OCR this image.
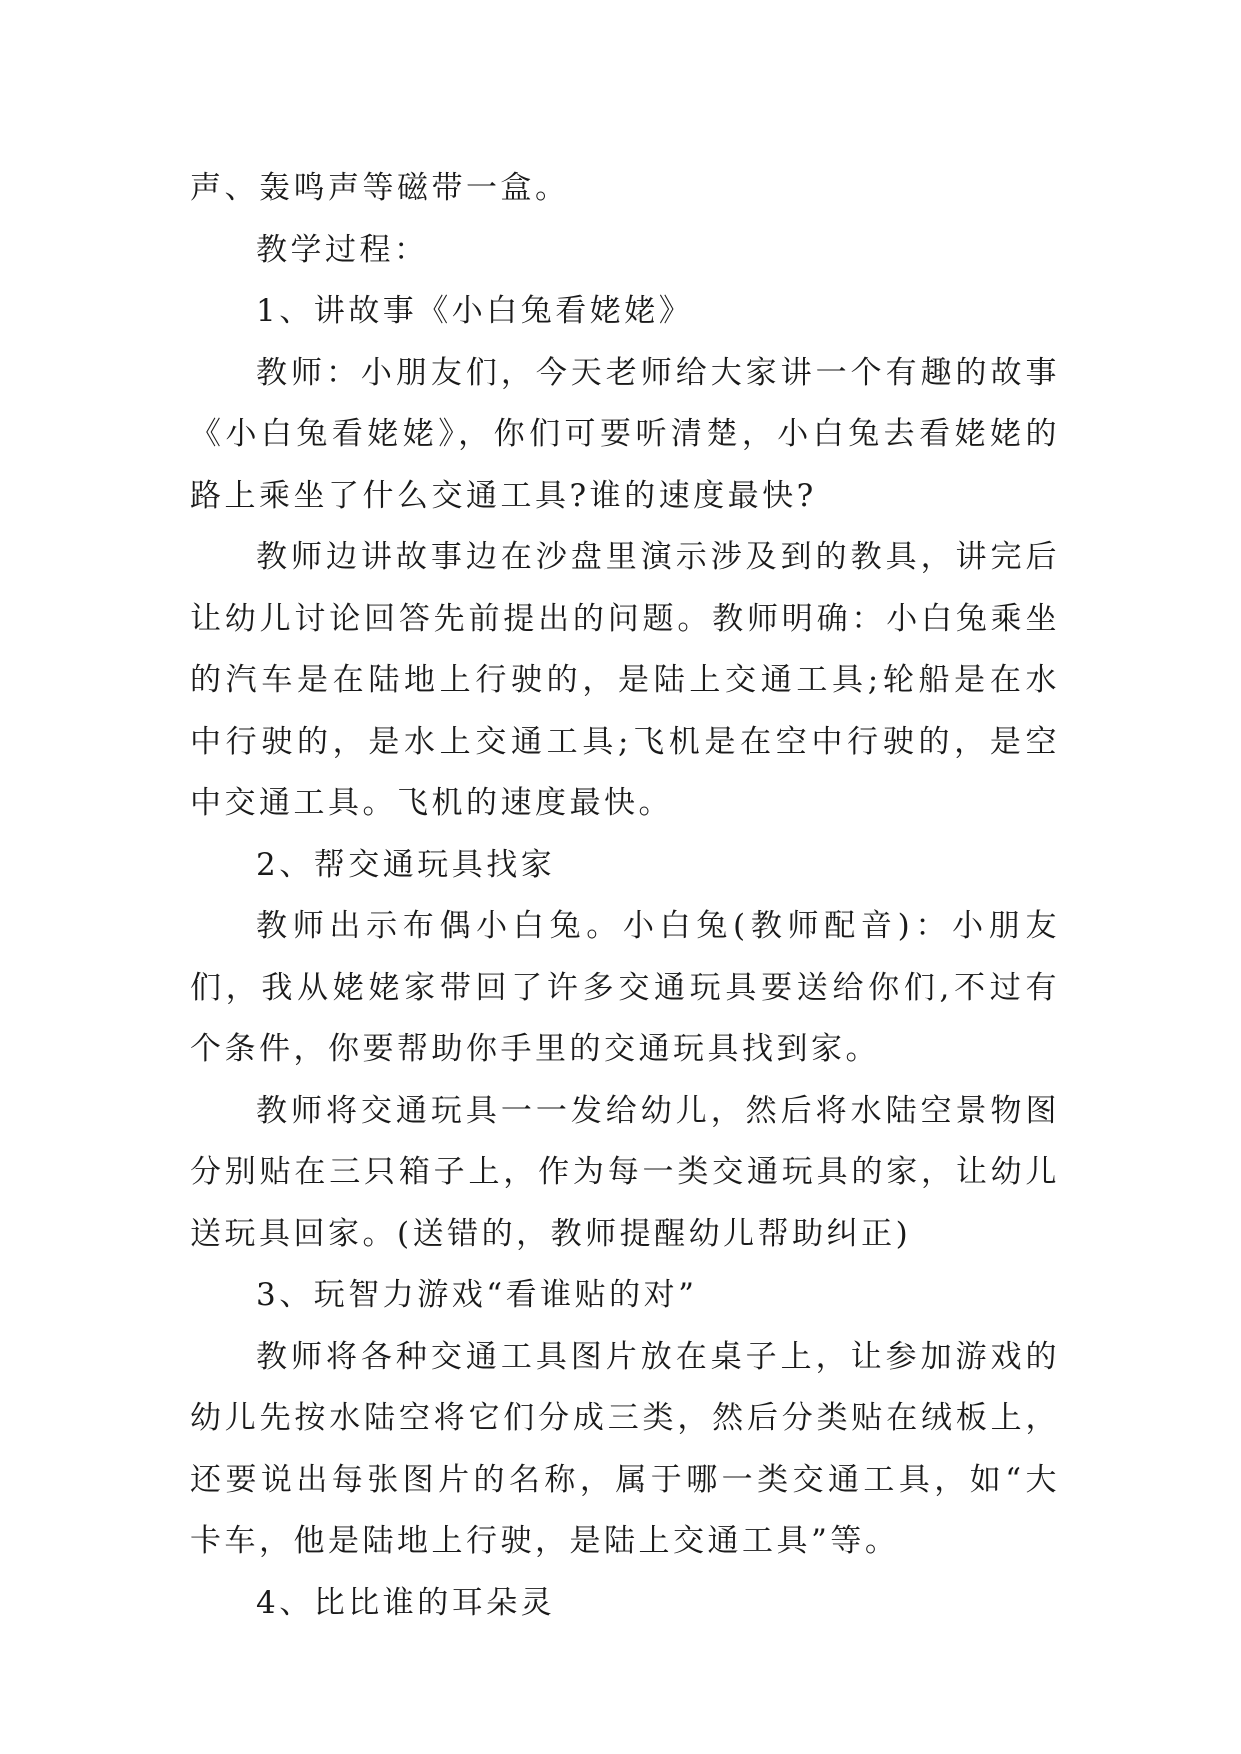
声、轰鸣声等磁带一盒。

教学过程：

1、讲故事《小白兔看姥姥》

教师：小朋友们，今天老师给大家讲一个有趣的故事《小白兔看姥姥》，你们可要听清楚，小白兔去看姥姥的路上乘坐了什么交通工具?谁的速度最快?

教师边讲故事边在沙盘里演示涉及到的教具，讲完后让幼儿讨论回答先前提出的问题。教师明确：小白兔乘坐的汽车是在陆地上行驶的，是陆上交通工具;轮船是在水中行驶的，是水上交通工具;飞机是在空中行驶的，是空中交通工具。飞机的速度最快。

2、帮交通玩具找家

教师出示布偶小白兔。小白兔(教师配音)：小朋友们，我从姥姥家带回了许多交通玩具要送给你们,不过有个条件，你要帮助你手里的交通玩具找到家。

教师将交通玩具一一发给幼儿，然后将水陆空景物图分别贴在三只箱子上，作为每一类交通玩具的家，让幼儿送玩具回家。(送错的，教师提醒幼儿帮助纠正)

3、玩智力游戏“看谁贴的对”

教师将各种交通工具图片放在桌子上，让参加游戏的幼儿先按水陆空将它们分成三类，然后分类贴在绒板上，还要说出每张图片的名称，属于哪一类交通工具，如“大卡车，他是陆地上行驶，是陆上交通工具”等。

4、比比谁的耳朵灵
